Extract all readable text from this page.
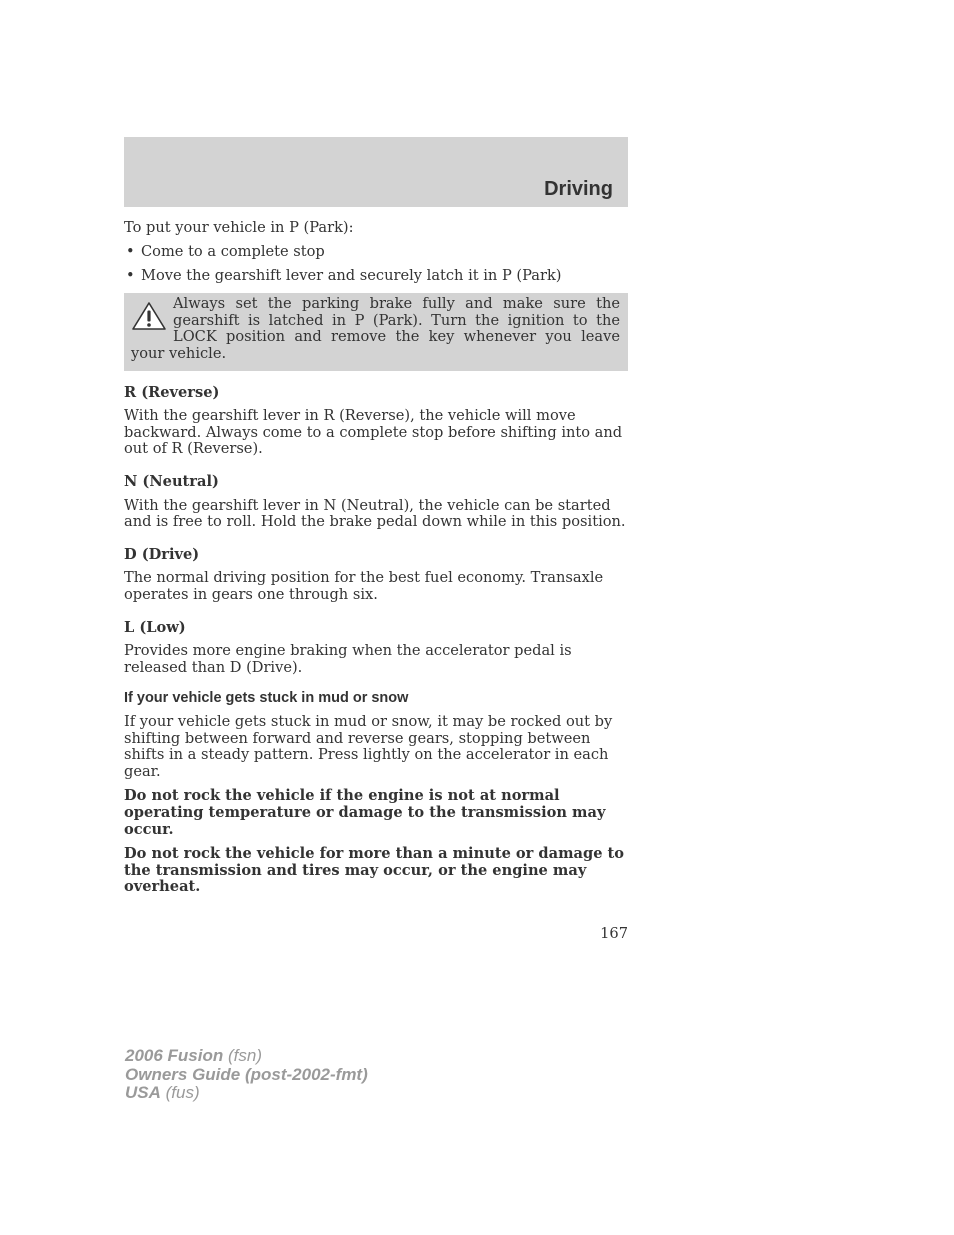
Driving

To put your vehicle in P (Park):

• Come to a complete stop
• Move the gearshift lever and securely latch it in P (Park)

Always set the parking brake fully and make sure the gearshift is latched in P (Park). Turn the ignition to the LOCK position and remove the key whenever you leave your vehicle.

R (Reverse)

With the gearshift lever in R (Reverse), the vehicle will move backward. Always come to a complete stop before shifting into and out of R (Reverse).

N (Neutral)

With the gearshift lever in N (Neutral), the vehicle can be started and is free to roll. Hold the brake pedal down while in this position.

D (Drive)

The normal driving position for the best fuel economy. Transaxle operates in gears one through six.

L (Low)

Provides more engine braking when the accelerator pedal is released than D (Drive).

If your vehicle gets stuck in mud or snow

If your vehicle gets stuck in mud or snow, it may be rocked out by shifting between forward and reverse gears, stopping between shifts in a steady pattern. Press lightly on the accelerator in each gear.

Do not rock the vehicle if the engine is not at normal operating temperature or damage to the transmission may occur.

Do not rock the vehicle for more than a minute or damage to the transmission and tires may occur, or the engine may overheat.

167
2006 Fusion (fsn)
Owners Guide (post-2002-fmt)
USA (fus)
